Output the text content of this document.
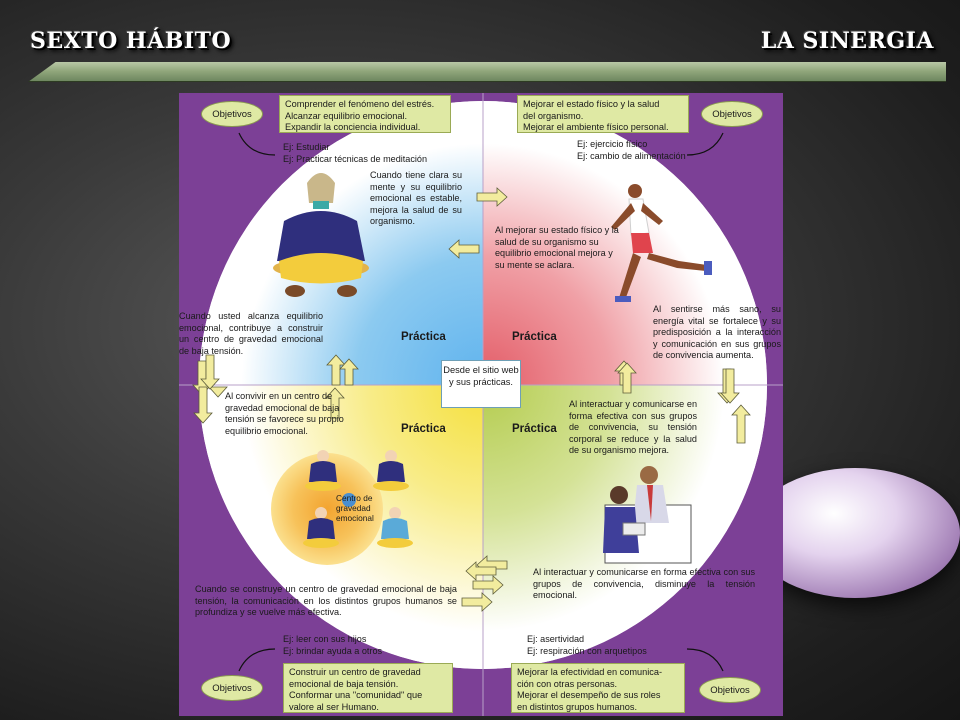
SEXTO HÁBITO	LA SINERGIA
Objetivos	Objetivos
Objetivos	Objetivos
Comprender el fenómeno del estrés.
Alcanzar equilibrio emocional.
Expandir la conciencia individual.
Mejorar el estado físico y la salud
del organismo.
Mejorar el ambiente físico personal.
Construir un centro de gravedad
emocional de baja tensión.
Conformar una "comunidad" que
valore al ser Humano.
Mejorar la efectividad en comunica-
ción con otras personas.
Mejorar el desempeño de sus roles
en distintos grupos humanos.
Ej: Estudiar
Ej: Practicar técnicas de meditación
Ej: ejercicio físico
Ej: cambio de alimentación
Ej: leer con sus hijos
Ej: brindar ayuda a otros
Ej: asertividad
Ej: respiración con arquetipos
Cuando tiene clara su mente y su equilibrio emocional es estable, mejora la salud de su organismo.
Al mejorar su estado físico y la salud de su organismo su equilibrio emocional mejora y su mente se aclara.
Cuando usted alcanza equilibrio emocional, contribuye a construir un centro de gravedad emocional de baja tensión.
Al sentirse más sano, su energía vital se fortalece y su predisposición a la interacción y comunicación en sus grupos de convivencia aumenta.
Al convivir en un centro de gravedad emocional de baja tensión se favorece su propio equilibrio emocional.
Al interactuar y comunicarse en forma efectiva con sus grupos de convivencia, su tensión corporal se reduce y la salud de su organismo mejora.
Al interactuar y comunicarse en forma efectiva con sus grupos de convivencia, disminuye la tensión emocional.
Cuando se construye un centro de gravedad emocional de baja tensión, la comunicación en los distintos grupos humanos se profundiza y se vuelve más efectiva.
Práctica	Práctica
Práctica	Práctica
Desde el sitio web y sus prácticas.
Centro de gravedad emocional
